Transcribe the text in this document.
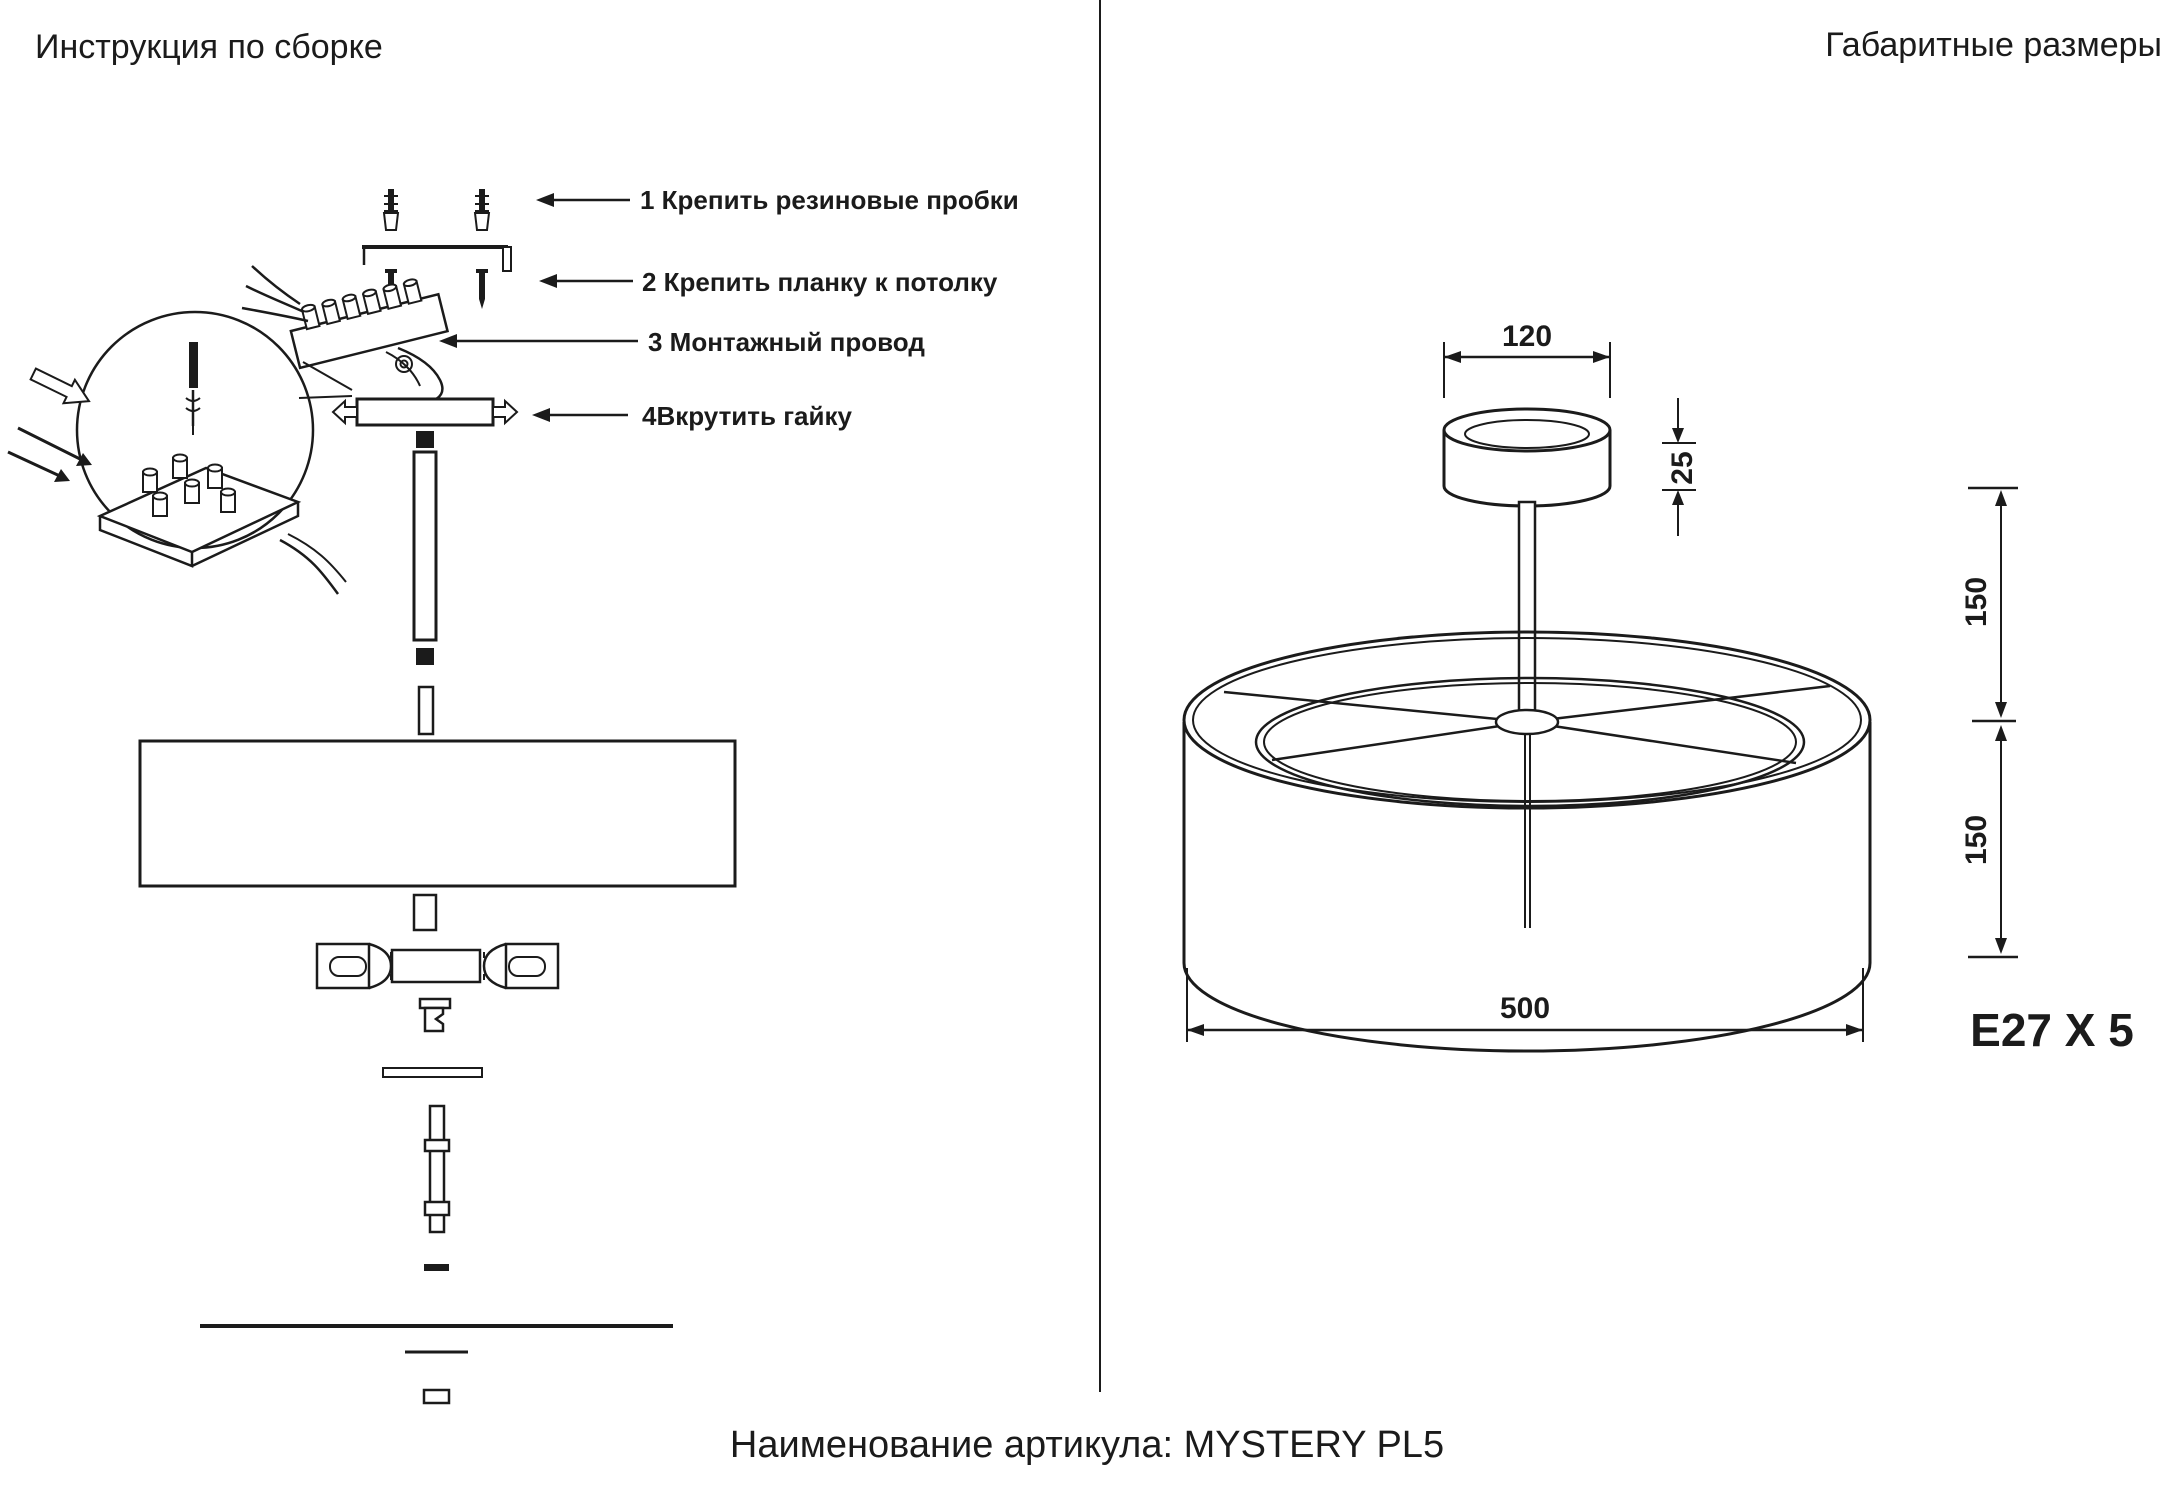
Инструкция по сборке	Габаритные размеры
1 Крепить резиновые пробки
2 Крепить планку к потолку
3 Монтажный провод
4Вкрутить гайку
120
25
150
150
500	E27 X 5
Наименование артикула: MYSTERY PL5
